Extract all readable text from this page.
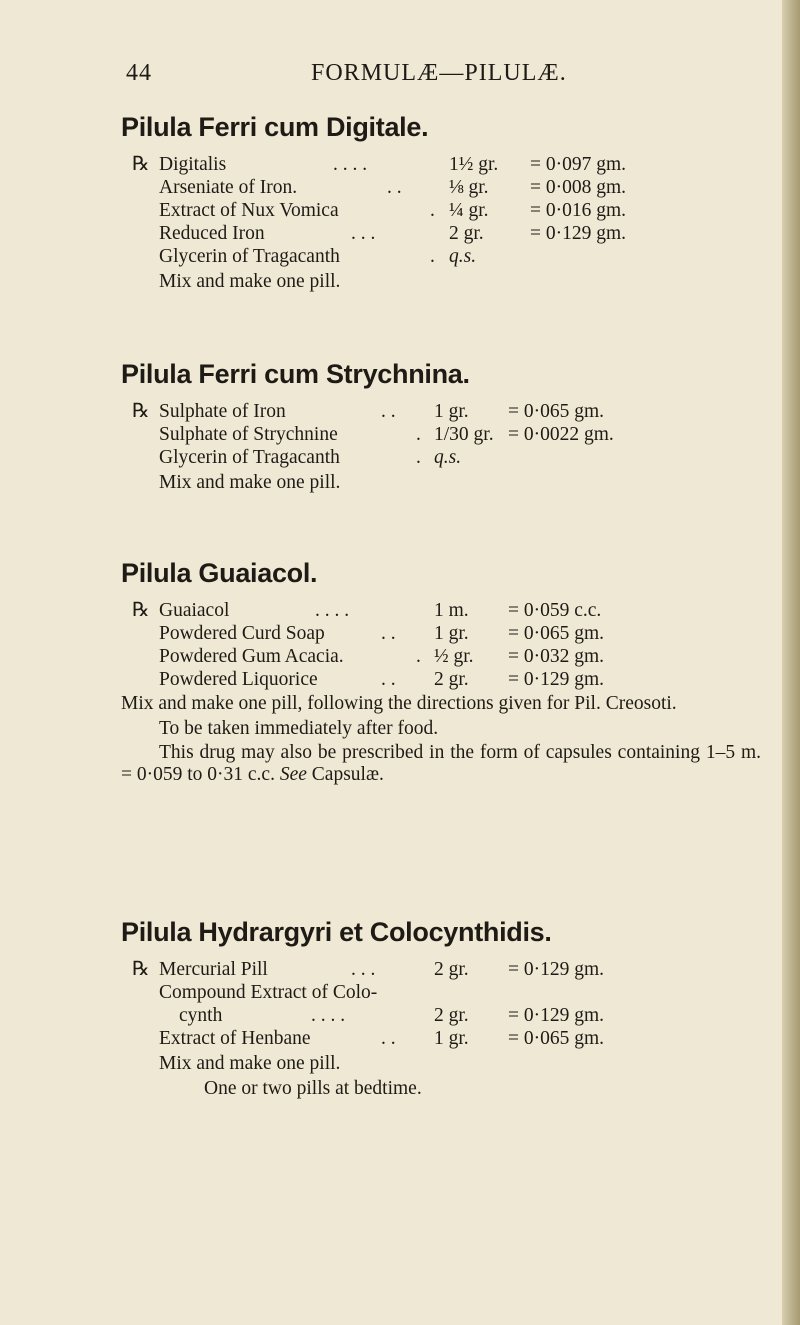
44	FORMULÆ—PILULÆ.
Pilula Ferri cum Digitale.
℞ Digitalis	. . . .	1½ gr. = 0·097 gm.
Arseniate of Iron.	. . ⅛ gr. = 0·008 gm.
Extract of Nux Vomica	. ¼ gr. = 0·016 gm.
Reduced Iron	. . .	2 gr. = 0·129 gm.
Glycerin of Tragacanth	. q.s.
Mix and make one pill.
Pilula Ferri cum Strychnina.
℞ Sulphate of Iron	. . 1 gr. = 0·065 gm.
Sulphate of Strychnine	. 1/30 gr. = 0·0022 gm.
Glycerin of Tragacanth	. q.s.
Mix and make one pill.
Pilula Guaiacol.
℞ Guaiacol	. . . .	1 m. = 0·059 c.c.
Powdered Curd Soap	. . 1 gr. = 0·065 gm.
Powdered Gum Acacia.	. ½ gr. = 0·032 gm.
Powdered Liquorice	. . 2 gr. = 0·129 gm.
Mix and make one pill, following the directions given for Pil. Creosoti.
To be taken immediately after food.
This drug may also be prescribed in the form of capsules containing 1–5 m. = 0·059 to 0·31 c.c. See Capsulæ.
Pilula Hydrargyri et Colocynthidis.
℞ Mercurial Pill	. . .	2 gr. = 0·129 gm.
Compound Extract of Colo-
cynth	. . . .	2 gr. = 0·129 gm.
Extract of Henbane	. . 1 gr. = 0·065 gm.
Mix and make one pill.
One or two pills at bedtime.
